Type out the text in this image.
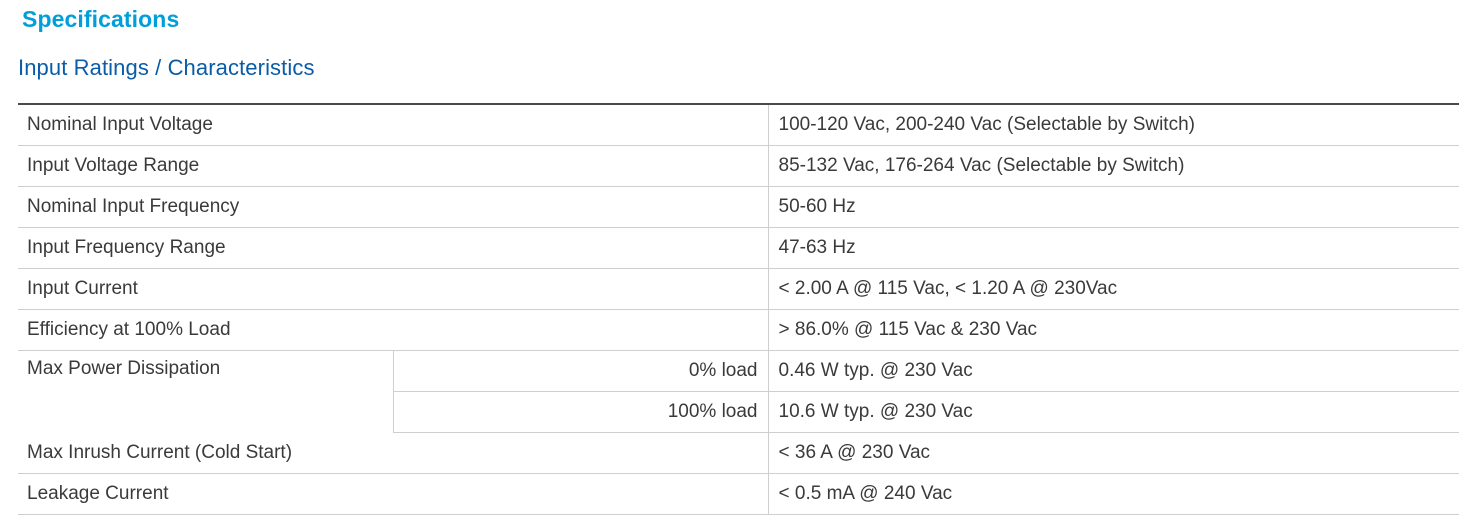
Specifications
Input Ratings / Characteristics
Nominal Input Voltage		100-120 Vac, 200-240 Vac (Selectable by Switch)
Input Voltage Range		85-132 Vac, 176-264 Vac (Selectable by Switch)
Nominal Input Frequency		50-60 Hz
Input Frequency Range		47-63 Hz
Input Current		< 2.00 A @ 115 Vac, < 1.20 A @ 230Vac
Efficiency at 100% Load		> 86.0% @ 115 Vac & 230 Vac
Max Power Dissipation	0% load	0.46 W typ. @ 230 Vac
	100% load	10.6 W typ. @ 230 Vac
Max Inrush Current (Cold Start)		< 36 A @ 230 Vac
Leakage Current		< 0.5 mA @ 240 Vac
